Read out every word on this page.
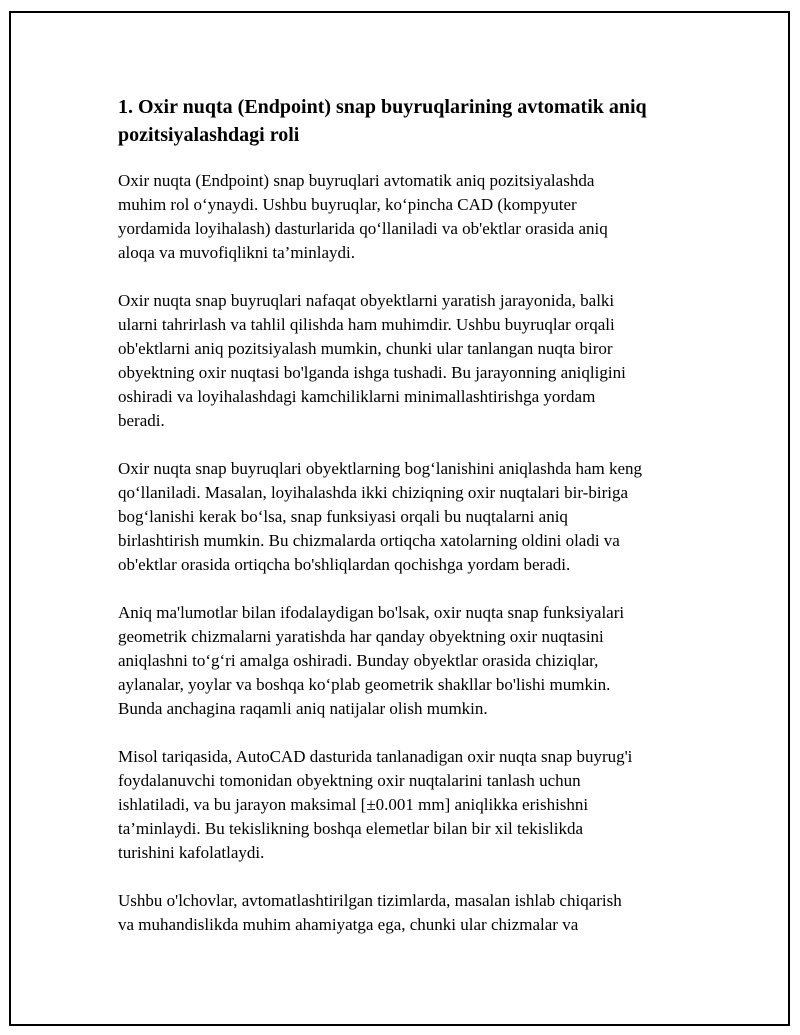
1. Oxir nuqta (Endpoint) snap buyruqlarining avtomatik aniq
pozitsiyalashdagi roli

Oxir nuqta (Endpoint) snap buyruqlari avtomatik aniq pozitsiyalashda
muhim rol o‘ynaydi. Ushbu buyruqlar, ko‘pincha CAD (kompyuter
yordamida loyihalash) dasturlarida qo‘llaniladi va ob'ektlar orasida aniq
aloqa va muvofiqlikni ta’minlaydi.

Oxir nuqta snap buyruqlari nafaqat obyektlarni yaratish jarayonida, balki
ularni tahrirlash va tahlil qilishda ham muhimdir. Ushbu buyruqlar orqali
ob'ektlarni aniq pozitsiyalash mumkin, chunki ular tanlangan nuqta biror
obyektning oxir nuqtasi bo'lganda ishga tushadi. Bu jarayonning aniqligini
oshiradi va loyihalashdagi kamchiliklarni minimallashtirishga yordam
beradi.

Oxir nuqta snap buyruqlari obyektlarning bog‘lanishini aniqlashda ham keng
qo‘llaniladi. Masalan, loyihalashda ikki chiziqning oxir nuqtalari bir-biriga
bog‘lanishi kerak bo‘lsa, snap funksiyasi orqali bu nuqtalarni aniq
birlashtirish mumkin. Bu chizmalarda ortiqcha xatolarning oldini oladi va
ob'ektlar orasida ortiqcha bo'shliqlardan qochishga yordam beradi.

Aniq ma'lumotlar bilan ifodalaydigan bo'lsak, oxir nuqta snap funksiyalari
geometrik chizmalarni yaratishda har qanday obyektning oxir nuqtasini
aniqlashni to‘g‘ri amalga oshiradi. Bunday obyektlar orasida chiziqlar,
aylanalar, yoylar va boshqa ko‘plab geometrik shakllar bo'lishi mumkin.
Bunda anchagina raqamli aniq natijalar olish mumkin.

Misol tariqasida, AutoCAD dasturida tanlanadigan oxir nuqta snap buyrug'i
foydalanuvchi tomonidan obyektning oxir nuqtalarini tanlash uchun
ishlatiladi, va bu jarayon maksimal [±0.001 mm] aniqlikka erishishni
ta’minlaydi. Bu tekislikning boshqa elemetlar bilan bir xil tekislikda
turishini kafolatlaydi.

Ushbu o'lchovlar, avtomatlashtirilgan tizimlarda, masalan ishlab chiqarish
va muhandislikda muhim ahamiyatga ega, chunki ular chizmalar va
